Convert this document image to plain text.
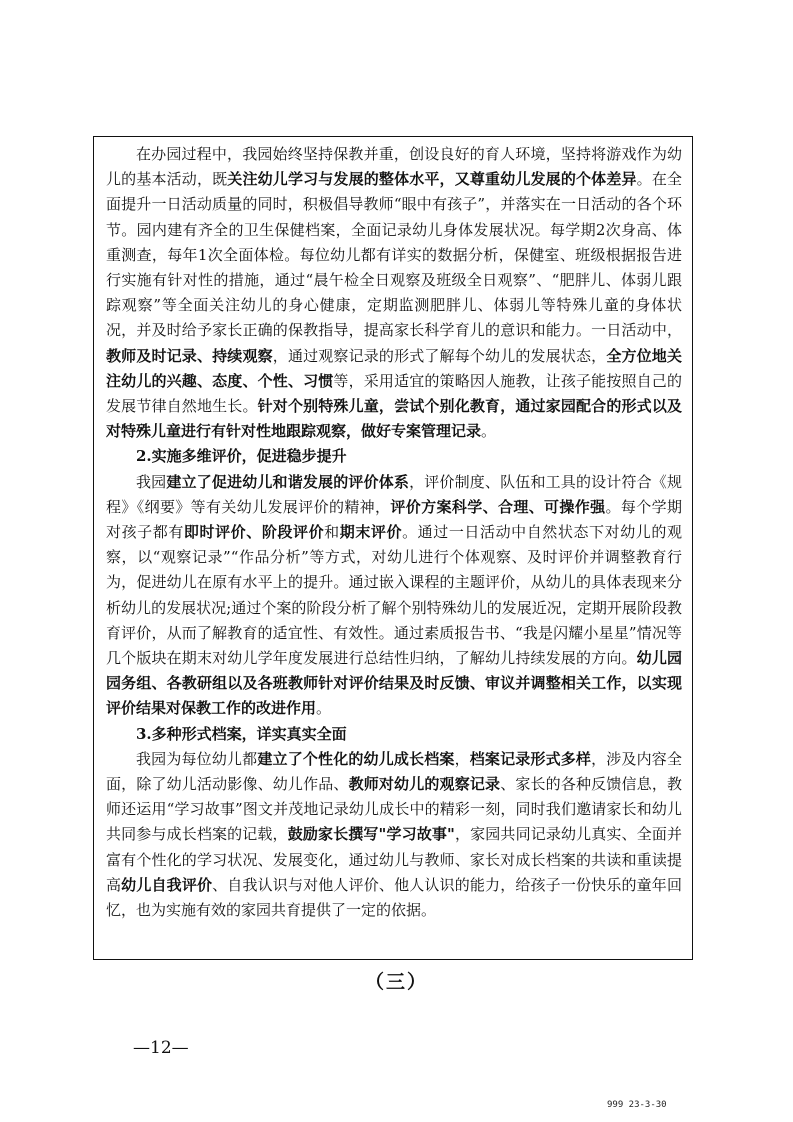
在办园过程中，我园始终坚持保教并重，创设良好的育人环境，坚持将游戏作为幼儿的基本活动，既关注幼儿学习与发展的整体水平，又尊重幼儿发展的个体差异。在全面提升一日活动质量的同时，积极倡导教师“眼中有孩子”，并落实在一日活动的各个环节。园内建有齐全的卫生保健档案，全面记录幼儿身体发展状况。每学期2次身高、体重测查，每年1次全面体检。每位幼儿都有详实的数据分析，保健室、班级根据报告进行实施有针对性的措施，通过“晨午检全日观察及班级全日观察”、“肥胖儿、体弱儿跟踪观察”等全面关注幼儿的身心健康，定期监测肥胖儿、体弱儿等特殊儿童的身体状况，并及时给予家长正确的保教指导，提高家长科学育儿的意识和能力。一日活动中，教师及时记录、持续观察，通过观察记录的形式了解每个幼儿的发展状态，全方位地关注幼儿的兴趣、态度、个性、习惯等，采用适宜的策略因人施教，让孩子能按照自己的发展节律自然地生长。针对个别特殊儿童，尝试个别化教育，通过家园配合的形式以及对特殊儿童进行有针对性地跟踪观察，做好专案管理记录。

2.实施多维评价，促进稳步提升

我园建立了促进幼儿和谐发展的评价体系，评价制度、队伍和工具的设计符合《规程》《纲要》等有关幼儿发展评价的精神，评价方案科学、合理、可操作强。每个学期对孩子都有即时评价、阶段评价和期末评价。通过一日活动中自然状态下对幼儿的观察，以“观察记录”“作品分析”等方式，对幼儿进行个体观察、及时评价并调整教育行为，促进幼儿在原有水平上的提升。通过嵌入课程的主题评价，从幼儿的具体表现来分析幼儿的发展状况;通过个案的阶段分析了解个别特殊幼儿的发展近况，定期开展阶段教育评价，从而了解教育的适宜性、有效性。通过素质报告书、“我是闪耀小星星”情况等几个版块在期末对幼儿学年度发展进行总结性归纳，了解幼儿持续发展的方向。幼儿园园务组、各教研组以及各班教师针对评价结果及时反馈、审议并调整相关工作，以实现评价结果对保教工作的改进作用。

3.多种形式档案，详实真实全面

我园为每位幼儿都建立了个性化的幼儿成长档案，档案记录形式多样，涉及内容全面，除了幼儿活动影像、幼儿作品、教师对幼儿的观察记录、家长的各种反馈信息，教师还运用“学习故事”图文并茂地记录幼儿成长中的精彩一刻，同时我们邀请家长和幼儿共同参与成长档案的记载，鼓励家长撰写"学习故事"，家园共同记录幼儿真实、全面并富有个性化的学习状况、发展变化，通过幼儿与教师、家长对成长档案的共读和重读提高幼儿自我评价、自我认识与对他人评价、他人认识的能力，给孩子一份快乐的童年回忆，也为实施有效的家园共育提供了一定的依据。

（三）
—12—
999 23-3-30
